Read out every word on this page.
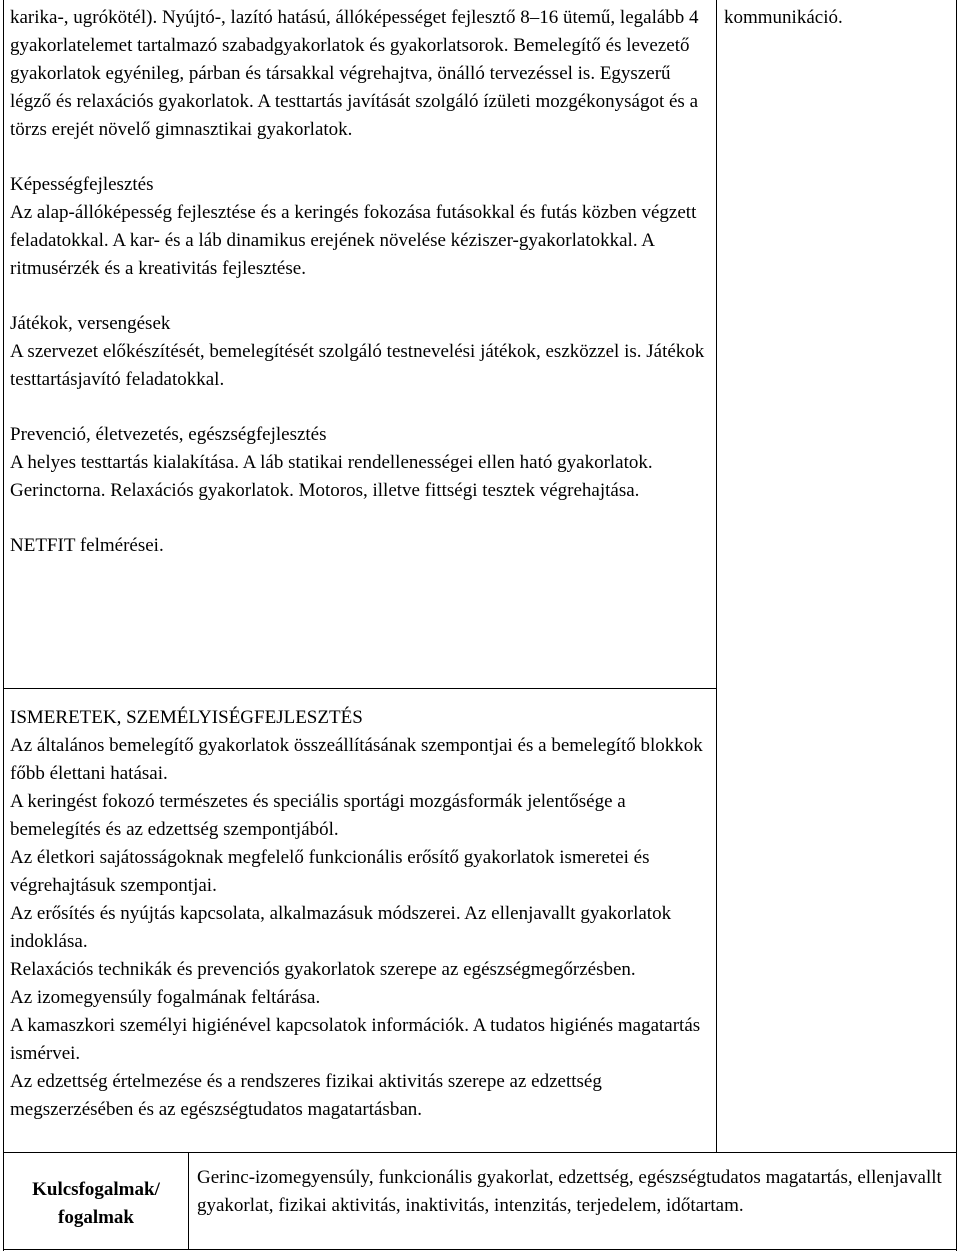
karika-, ugrókötél). Nyújtó-, lazító hatású, állóképességet fejlesztő 8–16 ütemű, legalább 4 gyakorlatelemet tartalmazó szabadgyakorlatok és gyakorlatsorok. Bemelegítő és levezető gyakorlatok egyénileg, párban és társakkal végrehajtva, önálló tervezéssel is. Egyszerű légző és relaxációs gyakorlatok. A testtartás javítását szolgáló ízületi mozgékonyságot és a törzs erejét növelő gimnasztikai gyakorlatok.

Képességfejlesztés

Az alap-állóképesség fejlesztése és a keringés fokozása futásokkal és futás közben végzett feladatokkal. A kar- és a láb dinamikus erejének növelése kéziszer-gyakorlatokkal. A ritmusérzék és a kreativitás fejlesztése.

Játékok, versengések

A szervezet előkészítését, bemelegítését szolgáló testnevelési játékok, eszközzel is. Játékok testtartásjavító feladatokkal.

Prevenció, életvezetés, egészségfejlesztés

A helyes testtartás kialakítása. A láb statikai rendellenességei ellen ható gyakorlatok. Gerinctorna. Relaxációs gyakorlatok. Motoros, illetve fittségi tesztek végrehajtása.

NETFIT felmérései.

kommunikáció.

ISMERETEK, SZEMÉLYISÉGFEJLESZTÉS

Az általános bemelegítő gyakorlatok összeállításának szempontjai és a bemelegítő blokkok főbb élettani hatásai.

A keringést fokozó természetes és speciális sportági mozgásformák jelentősége a bemelegítés és az edzettség szempontjából.

Az életkori sajátosságoknak megfelelő funkcionális erősítő gyakorlatok ismeretei és végrehajtásuk szempontjai.

Az erősítés és nyújtás kapcsolata, alkalmazásuk módszerei. Az ellenjavallt gyakorlatok indoklása.

Relaxációs technikák és prevenciós gyakorlatok szerepe az egészségmegőrzésben.

Az izomegyensúly fogalmának feltárása.

A kamaszkori személyi higiénével kapcsolatok információk. A tudatos higiénés magatartás ismérvei.

Az edzettség értelmezése és a rendszeres fizikai aktivitás szerepe az edzettség megszerzésében és az egészségtudatos magatartásban.

Kulcsfogalmak/ fogalmak
Gerinc-izomegyensúly, funkcionális gyakorlat, edzettség, egészségtudatos magatartás, ellenjavallt gyakorlat, fizikai aktivitás, inaktivitás, intenzitás, terjedelem, időtartam.
